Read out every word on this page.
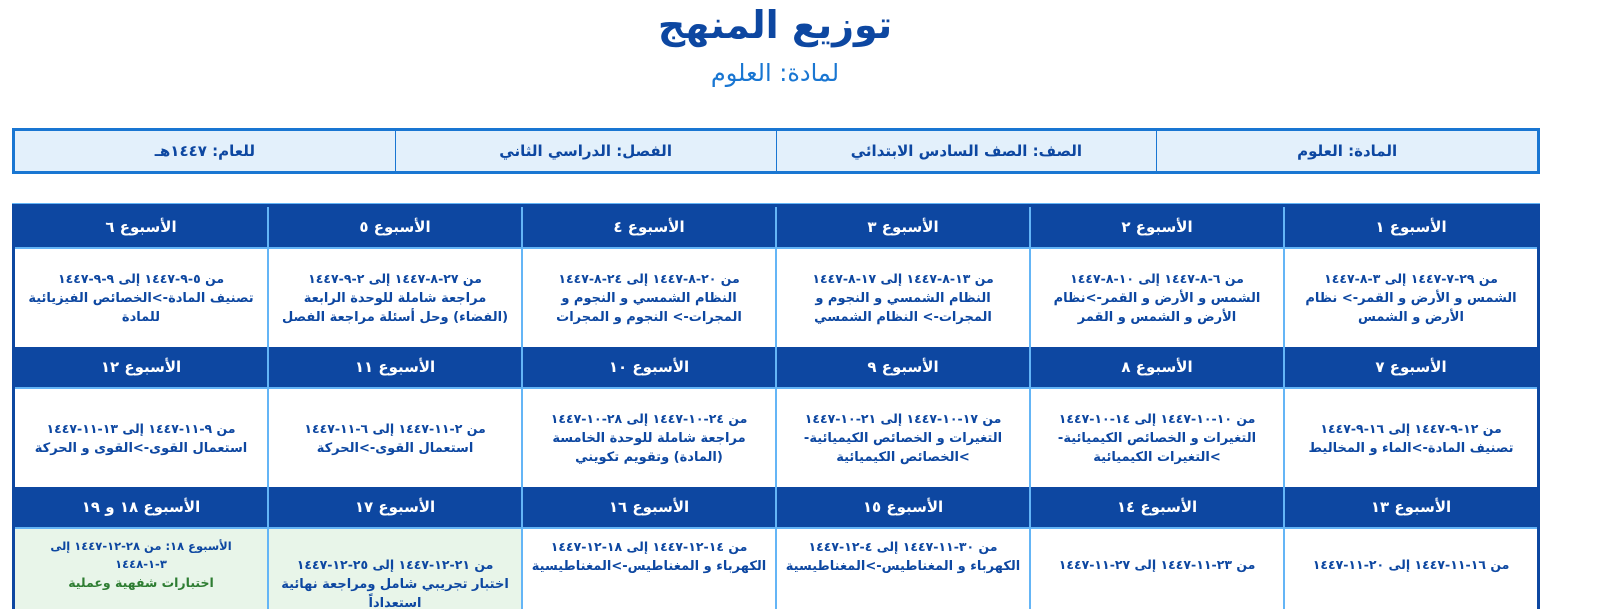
توزيع المنهج
لمادة: العلوم
المادة: العلوم
الصف: الصف السادس الابتدائي
الفصل: الدراسي الثاني
للعام: ١٤٤٧هـ
الأسبوع ١
الأسبوع ٢
الأسبوع ٣
الأسبوع ٤
الأسبوع ٥
الأسبوع ٦
من ٢٩-٧-١٤٤٧ إلى ٣-٨-١٤٤٧
الشمس و الأرض و القمر-> نظام الأرض و الشمس
من ٦-٨-١٤٤٧ إلى ١٠-٨-١٤٤٧
الشمس و الأرض و القمر->نظام الأرض و الشمس و القمر
من ١٣-٨-١٤٤٧ إلى ١٧-٨-١٤٤٧
النظام الشمسي و النجوم و المجرات-> النظام الشمسي
من ٢٠-٨-١٤٤٧ إلى ٢٤-٨-١٤٤٧
النظام الشمسي و النجوم و المجرات-> النجوم و المجرات
من ٢٧-٨-١٤٤٧ إلى ٢-٩-١٤٤٧
مراجعة شاملة للوحدة الرابعة (الفضاء) وحل أسئلة مراجعة الفصل
من ٥-٩-١٤٤٧ إلى ٩-٩-١٤٤٧
تصنيف المادة->الخصائص الفيزيائية للمادة
الأسبوع ٧
الأسبوع ٨
الأسبوع ٩
الأسبوع ١٠
الأسبوع ١١
الأسبوع ١٢
من ١٢-٩-١٤٤٧ إلى ١٦-٩-١٤٤٧
تصنيف المادة->الماء و المخاليط
من ١٠-١٠-١٤٤٧ إلى ١٤-١٠-١٤٤٧
التغيرات و الخصائص الكيميائية->التغيرات الكيميائية
من ١٧-١٠-١٤٤٧ إلى ٢١-١٠-١٤٤٧
التغيرات و الخصائص الكيميائية->الخصائص الكيميائية
من ٢٤-١٠-١٤٤٧ إلى ٢٨-١٠-١٤٤٧
مراجعة شاملة للوحدة الخامسة (المادة) وتقويم تكويني
من ٢-١١-١٤٤٧ إلى ٦-١١-١٤٤٧
استعمال القوى->الحركة
من ٩-١١-١٤٤٧ إلى ١٣-١١-١٤٤٧
استعمال القوى->القوى و الحركة
الأسبوع ١٣
الأسبوع ١٤
الأسبوع ١٥
الأسبوع ١٦
الأسبوع ١٧
الأسبوع ١٨ و ١٩
من ١٦-١١-١٤٤٧ إلى ٢٠-١١-١٤٤٧
من ٢٣-١١-١٤٤٧ إلى ٢٧-١١-١٤٤٧
من ٣٠-١١-١٤٤٧ إلى ٤-١٢-١٤٤٧
الكهرباء و المغناطيس->المغناطيسية
من ١٤-١٢-١٤٤٧ إلى ١٨-١٢-١٤٤٧
الكهرباء و المغناطيس->المغناطيسية
من ٢١-١٢-١٤٤٧ إلى ٢٥-١٢-١٤٤٧
اختبار تجريبي شامل ومراجعة نهائية استعداداً
الأسبوع ١٨: من ٢٨-١٢-١٤٤٧ إلى ٣-١-١٤٤٨
اختبارات شفهية وعملية
